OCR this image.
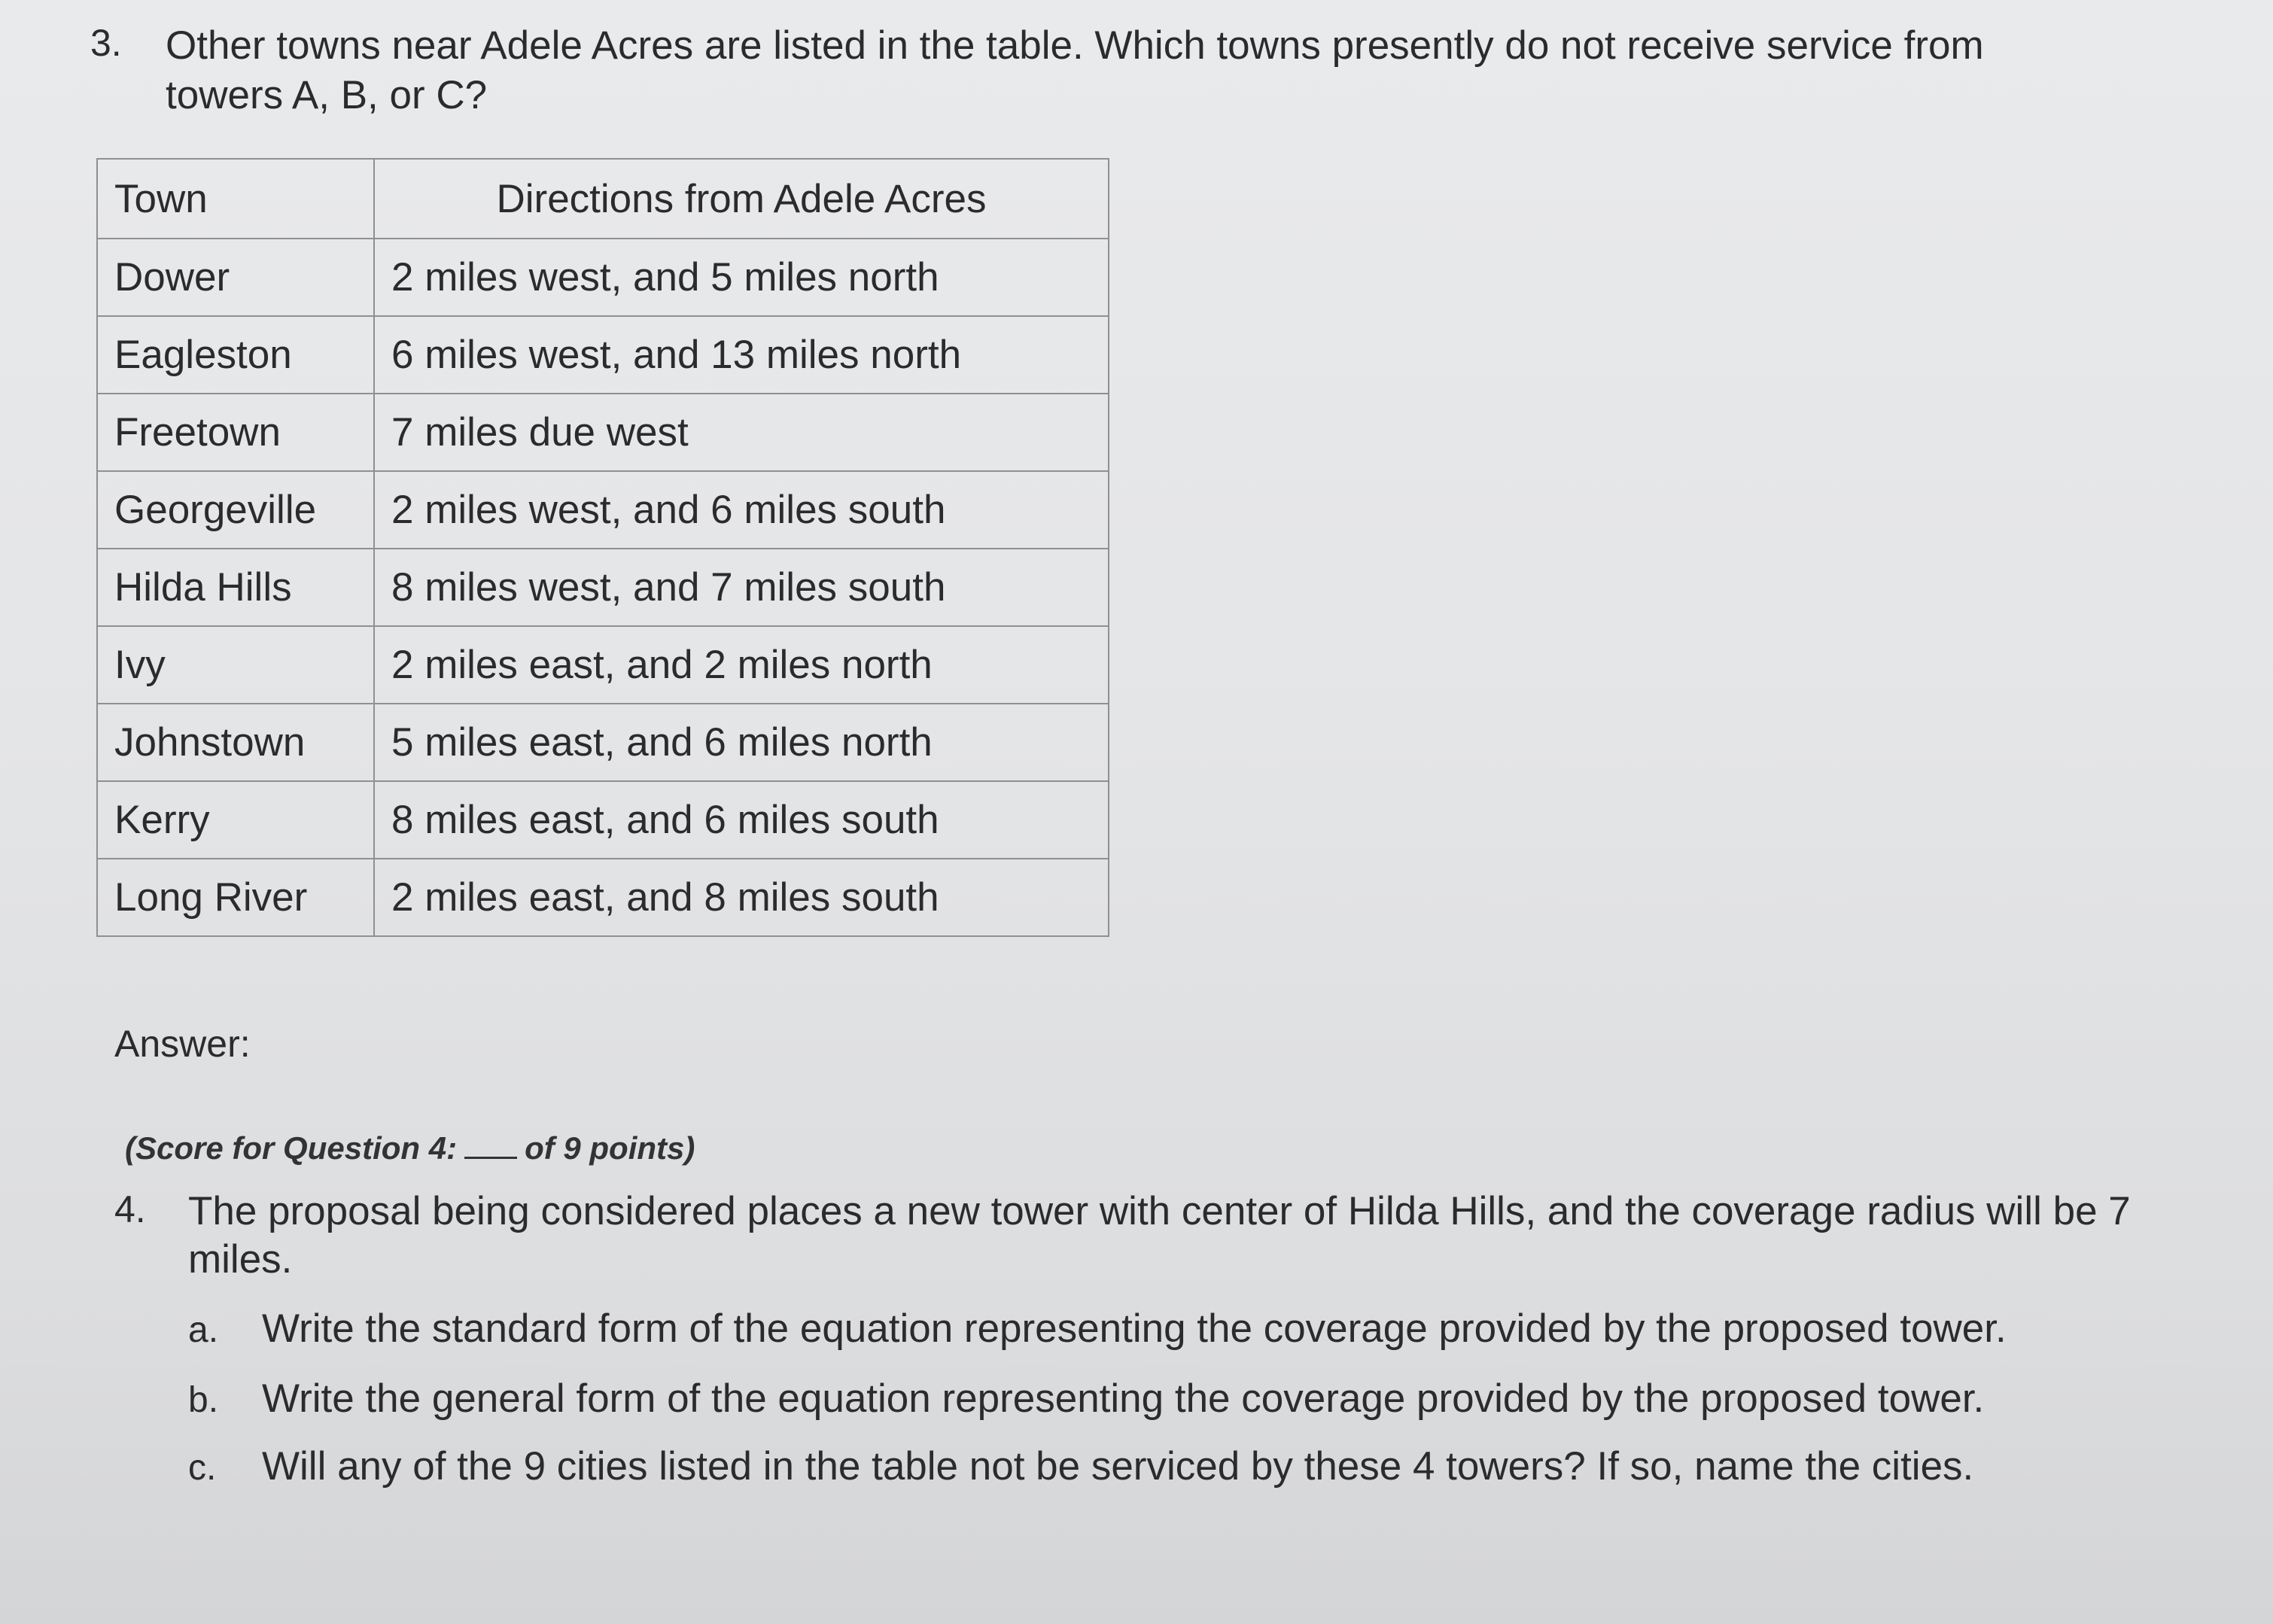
3. Other towns near Adele Acres are listed in the table. Which towns presently do not receive service from towers A, B, or C?
Town	Directions from Adele Acres
Dower	2 miles west, and 5 miles north
Eagleston	6 miles west, and 13 miles north
Freetown	7 miles due west
Georgeville	2 miles west, and 6 miles south
Hilda Hills	8 miles west, and 7 miles south
Ivy	2 miles east, and 2 miles north
Johnstown	5 miles east, and 6 miles north
Kerry	8 miles east, and 6 miles south
Long River	2 miles east, and 8 miles south
Answer:
(Score for Question 4: of 9 points)
4. The proposal being considered places a new tower with center of Hilda Hills, and the coverage radius will be 7 miles.
a. Write the standard form of the equation representing the coverage provided by the proposed tower.
b. Write the general form of the equation representing the coverage provided by the proposed tower.
c. Will any of the 9 cities listed in the table not be serviced by these 4 towers? If so, name the cities.
